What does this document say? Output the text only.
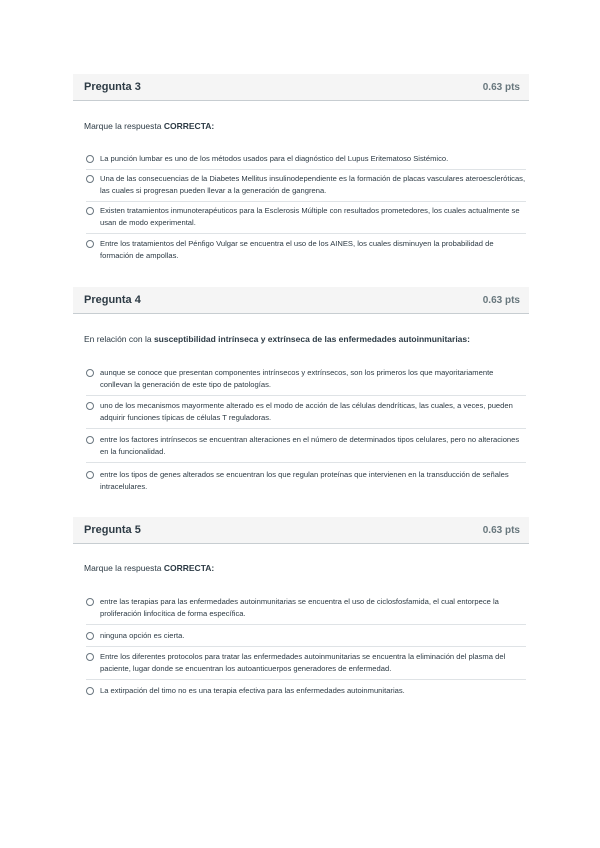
Pregunta 3	0.63 pts
Marque la respuesta CORRECTA:
La punción lumbar es uno de los métodos usados para el diagnóstico del Lupus Eritematoso Sistémico.
Una de las consecuencias de la Diabetes Mellitus insulinodependiente es la formación de placas vasculares ateroescleróticas, las cuales si progresan pueden llevar a la generación de gangrena.
Existen tratamientos inmunoterapéuticos para la Esclerosis Múltiple con resultados prometedores, los cuales actualmente se usan de modo experimental.
Entre los tratamientos del Pénfigo Vulgar se encuentra el uso de los AINES, los cuales disminuyen la probabilidad de formación de ampollas.
Pregunta 4	0.63 pts
En relación con la susceptibilidad intrínseca y extrínseca de las enfermedades autoinmunitarias:
aunque se conoce que presentan componentes intrínsecos y extrínsecos, son los primeros los que mayoritariamente conllevan la generación de este tipo de patologías.
uno de los mecanismos mayormente alterado es el modo de acción de las células dendríticas, las cuales, a veces, pueden adquirir funciones típicas de células T reguladoras.
entre los factores intrínsecos se encuentran alteraciones en el número de determinados tipos celulares, pero no alteraciones en la funcionalidad.
entre los tipos de genes alterados se encuentran los que regulan proteínas que intervienen en la transducción de señales intracelulares.
Pregunta 5	0.63 pts
Marque la respuesta CORRECTA:
entre las terapias para las enfermedades autoinmunitarias se encuentra el uso de ciclosfosfamida, el cual entorpece la proliferación linfocítica de forma específica.
ninguna opción es cierta.
Entre los diferentes protocolos para tratar las enfermedades autoinmunitarias se encuentra la eliminación del plasma del paciente, lugar donde se encuentran los autoanticuerpos generadores de enfermedad.
La extirpación del timo no es una terapia efectiva para las enfermedades autoinmunitarias.
